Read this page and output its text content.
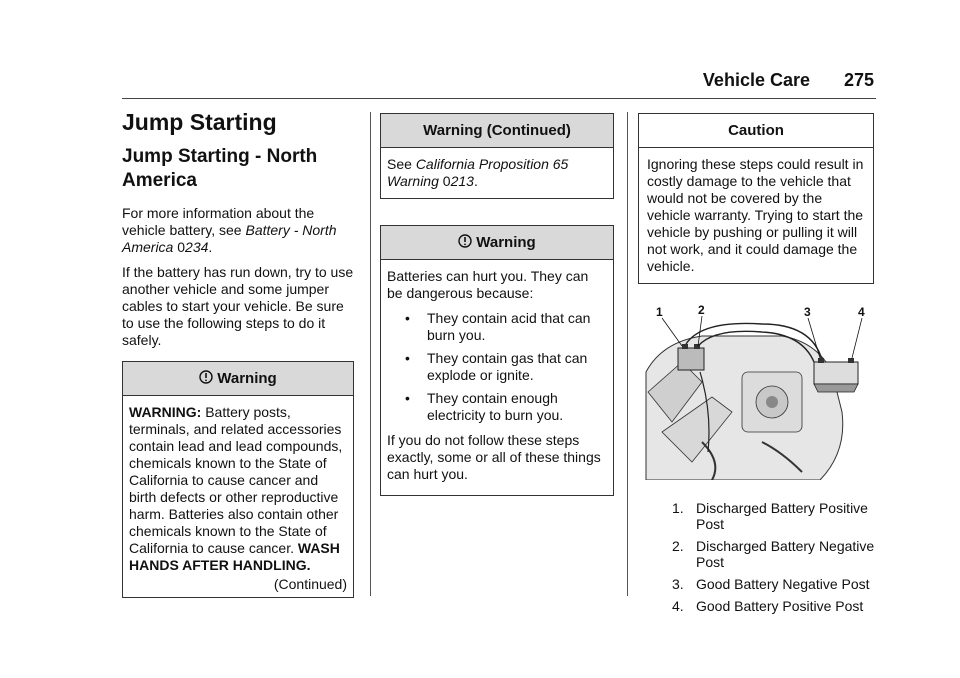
Vehicle Care 275
Jump Starting
Jump Starting - North America

For more information about the vehicle battery, see Battery - North America 0234.

If the battery has run down, try to use another vehicle and some jumper cables to start your vehicle. Be sure to use the following steps to do it safely.

Warning
WARNING: Battery posts, terminals, and related accessories contain lead and lead compounds, chemicals known to the State of California to cause cancer and birth defects or other reproductive harm. Batteries also contain other chemicals known to the State of California to cause cancer. WASH HANDS AFTER HANDLING.
(Continued)
Warning (Continued)
See California Proposition 65 Warning 0213.
Warning

Batteries can hurt you. They can be dangerous because:

• They contain acid that can burn you.
• They contain gas that can explode or ignite.
• They contain enough electricity to burn you.

If you do not follow these steps exactly, some or all of these things can hurt you.

Caution
Ignoring these steps could result in costly damage to the vehicle that would not be covered by the vehicle warranty. Trying to start the vehicle by pushing or pulling it will not work, and it could damage the vehicle.
1	2	3	4
1. Discharged Battery Positive Post
2. Discharged Battery Negative Post
3. Good Battery Negative Post
4. Good Battery Positive Post
